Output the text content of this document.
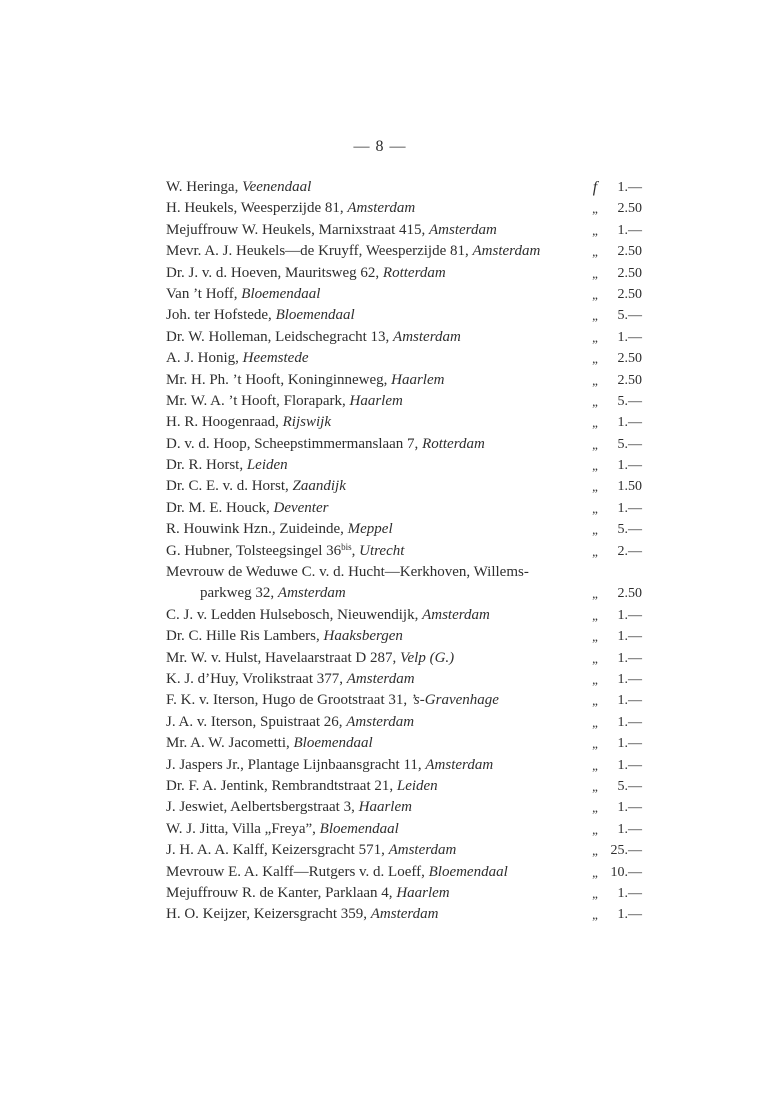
— 8 —
W. Heringa, Veenendaal	f	1.—
H. Heukels, Weesperzijde 81, Amsterdam	„	2.50
Mejuffrouw W. Heukels, Marnixstraat 415, Amsterdam	„	1.—
Mevr. A. J. Heukels—de Kruyff, Weesperzijde 81, Amsterdam	„	2.50
Dr. J. v. d. Hoeven, Mauritsweg 62, Rotterdam	„	2.50
Van ’t Hoff, Bloemendaal	„	2.50
Joh. ter Hofstede, Bloemendaal	„	5.—
Dr. W. Holleman, Leidschegracht 13, Amsterdam	„	1.—
A. J. Honig, Heemstede	„	2.50
Mr. H. Ph. ’t Hooft, Koninginneweg, Haarlem	„	2.50
Mr. W. A. ’t Hooft, Florapark, Haarlem	„	5.—
H. R. Hoogenraad, Rijswijk	„	1.—
D. v. d. Hoop, Scheepstimmermanslaan 7, Rotterdam	„	5.—
Dr. R. Horst, Leiden	„	1.—
Dr. C. E. v. d. Horst, Zaandijk	„	1.50
Dr. M. E. Houck, Deventer	„	1.—
R. Houwink Hzn., Zuideinde, Meppel	„	5.—
G. Hubner, Tolsteegsingel $36^{bis}$, Utrecht	„	2.—
Mevrouw de Weduwe C. v. d. Hucht—Kerkhoven, Willems-
parkweg 32, Amsterdam	„	2.50
C. J. v. Ledden Hulsebosch, Nieuwendijk, Amsterdam	„	1.—
Dr. C. Hille Ris Lambers, Haaksbergen	„	1.—
Mr. W. v. Hulst, Havelaarstraat D 287, Velp (G.)	„	1.—
K. J. d’Huy, Vrolikstraat 377, Amsterdam	„	1.—
F. K. v. Iterson, Hugo de Grootstraat 31, ’s-Gravenhage	„	1.—
J. A. v. Iterson, Spuistraat 26, Amsterdam	„	1.—
Mr. A. W. Jacometti, Bloemendaal	„	1.—
J. Jaspers Jr., Plantage Lijnbaansgracht 11, Amsterdam	„	1.—
Dr. F. A. Jentink, Rembrandtstraat 21, Leiden	„	5.—
J. Jeswiet, Aelbertsbergstraat 3, Haarlem	„	1.—
W. J. Jitta, Villa „Freya”, Bloemendaal	„	1.—
J. H. A. A. Kalff, Keizersgracht 571, Amsterdam	„ 25.—
Mevrouw E. A. Kalff—Rutgers v. d. Loeff, Bloemendaal	„ 10.—
Mejuffrouw R. de Kanter, Parklaan 4, Haarlem	„	1.—
H. O. Keijzer, Keizersgracht 359, Amsterdam	„	1.—
